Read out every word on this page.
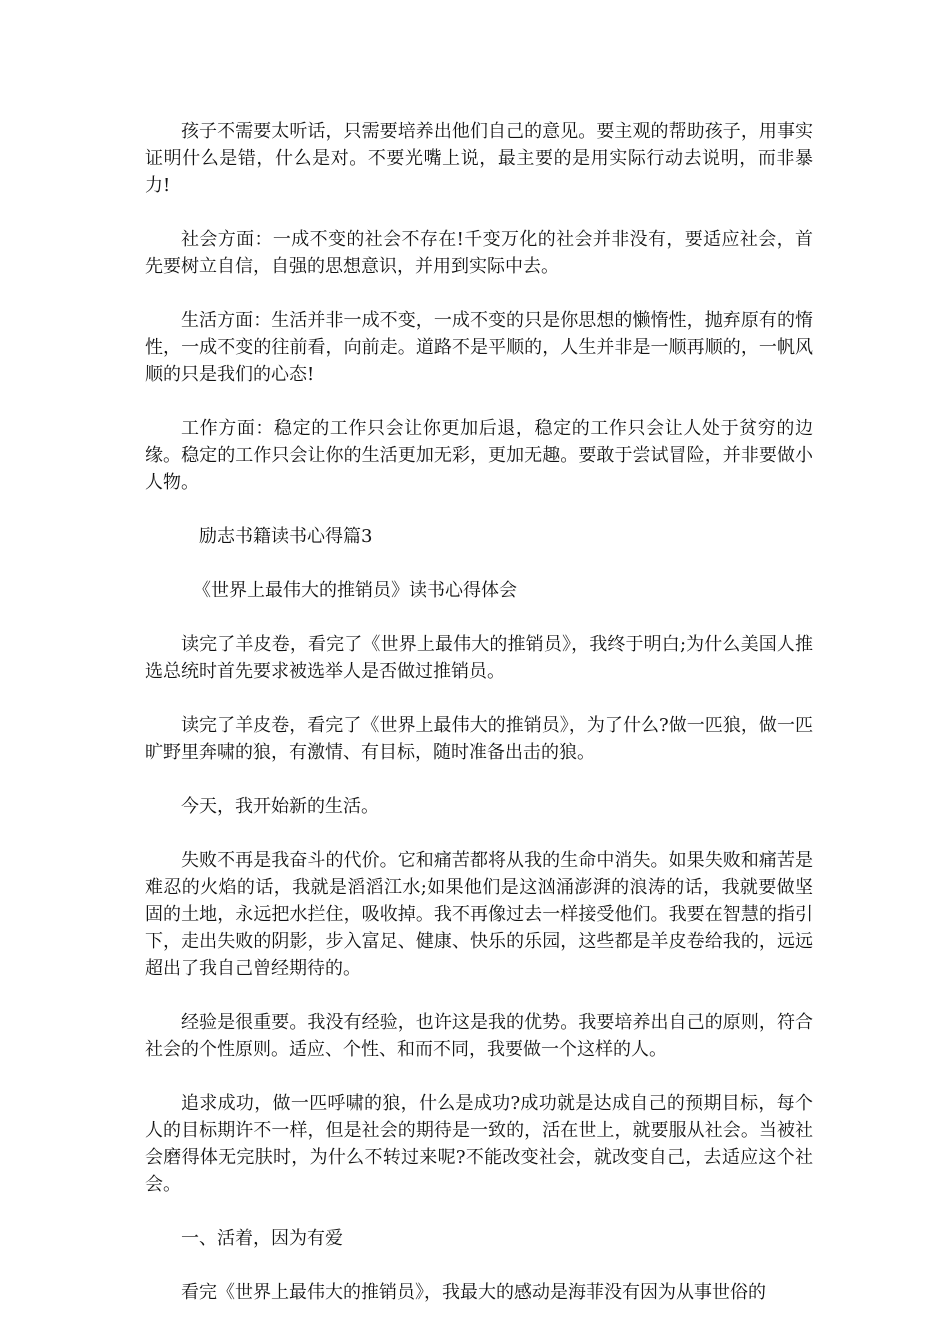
孩子不需要太听话，只需要培养出他们自己的意见。要主观的帮助孩子，用事实证明什么是错，什么是对。不要光嘴上说，最主要的是用实际行动去说明，而非暴力!

社会方面：一成不变的社会不存在!千变万化的社会并非没有，要适应社会，首先要树立自信，自强的思想意识，并用到实际中去。

生活方面：生活并非一成不变，一成不变的只是你思想的懒惰性，抛弃原有的惰性，一成不变的往前看，向前走。道路不是平顺的，人生并非是一顺再顺的，一帆风顺的只是我们的心态!

工作方面：稳定的工作只会让你更加后退，稳定的工作只会让人处于贫穷的边缘。稳定的工作只会让你的生活更加无彩，更加无趣。要敢于尝试冒险，并非要做小人物。

励志书籍读书心得篇3

《世界上最伟大的推销员》读书心得体会

读完了羊皮卷，看完了《世界上最伟大的推销员》，我终于明白;为什么美国人推选总统时首先要求被选举人是否做过推销员。

读完了羊皮卷，看完了《世界上最伟大的推销员》，为了什么?做一匹狼，做一匹旷野里奔啸的狼，有激情、有目标，随时准备出击的狼。

今天，我开始新的生活。

失败不再是我奋斗的代价。它和痛苦都将从我的生命中消失。如果失败和痛苦是难忍的火焰的话，我就是滔滔江水;如果他们是这汹涌澎湃的浪涛的话，我就要做坚固的土地，永远把水拦住，吸收掉。我不再像过去一样接受他们。我要在智慧的指引下，走出失败的阴影，步入富足、健康、快乐的乐园，这些都是羊皮卷给我的，远远超出了我自己曾经期待的。

经验是很重要。我没有经验，也许这是我的优势。我要培养出自己的原则，符合社会的个性原则。适应、个性、和而不同，我要做一个这样的人。

追求成功，做一匹呼啸的狼，什么是成功?成功就是达成自己的预期目标，每个人的目标期许不一样，但是社会的期待是一致的，活在世上，就要服从社会。当被社会磨得体无完肤时，为什么不转过来呢?不能改变社会，就改变自己，去适应这个社会。

一、活着，因为有爱

看完《世界上最伟大的推销员》，我最大的感动是海菲没有因为从事世俗的
